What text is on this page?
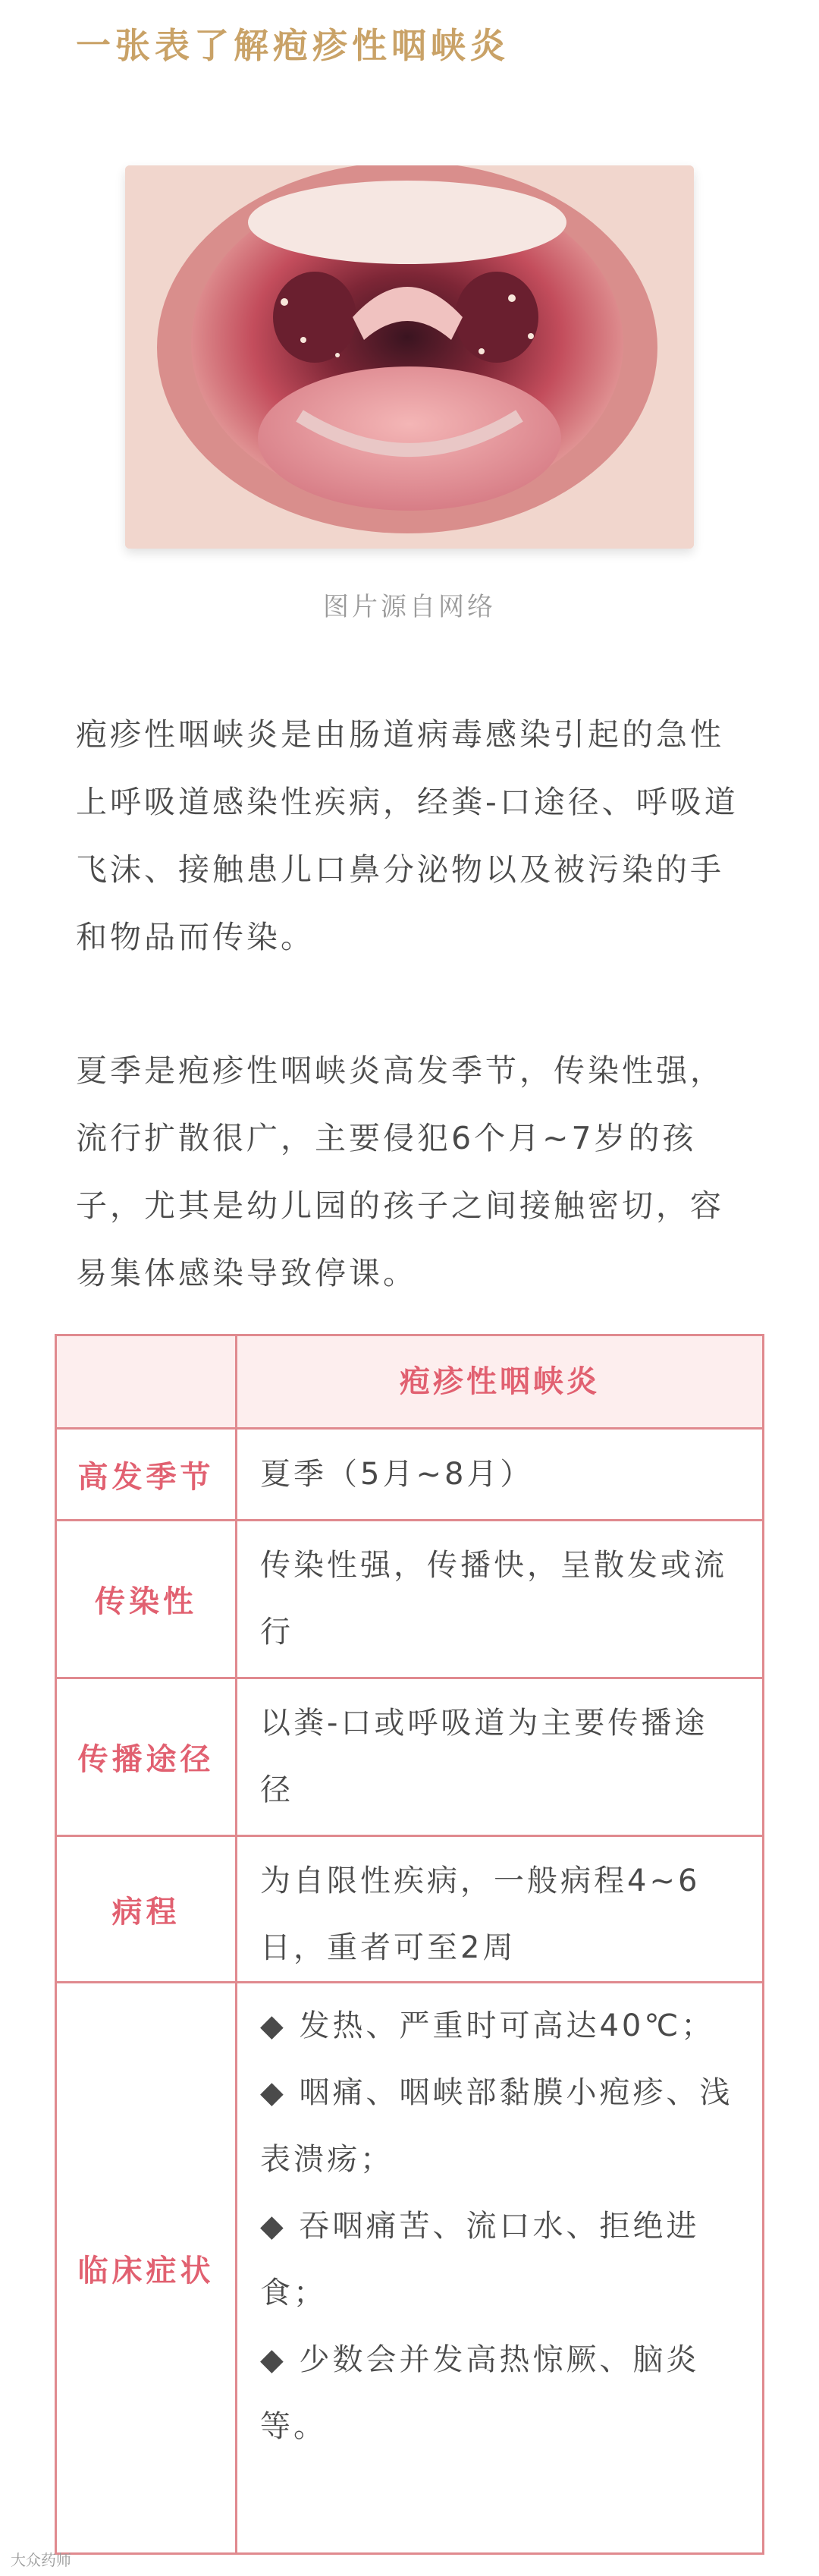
一张表了解疱疹性咽峡炎
图片源自网络
疱疹性咽峡炎是由肠道病毒感染引起的急性上呼吸道感染性疾病，经粪-口途径、呼吸道飞沫、接触患儿口鼻分泌物以及被污染的手和物品而传染。
夏季是疱疹性咽峡炎高发季节，传染性强，流行扩散很广，主要侵犯6个月~7岁的孩子，尤其是幼儿园的孩子之间接触密切，容易集体感染导致停课。
疱疹性咽峡炎
高发季节	夏季（5月~8月）
传染性
传染性强，传播快，呈散发或流行
传播途径
以粪-口或呼吸道为主要传播途径
病程
为自限性疾病，一般病程4~6日，重者可至2周
临床症状
◆ 发热、严重时可高达40℃；
◆ 咽痛、咽峡部黏膜小疱疹、浅表溃疡；
◆ 吞咽痛苦、流口水、拒绝进食；
◆ 少数会并发高热惊厥、脑炎等。
大众药师
